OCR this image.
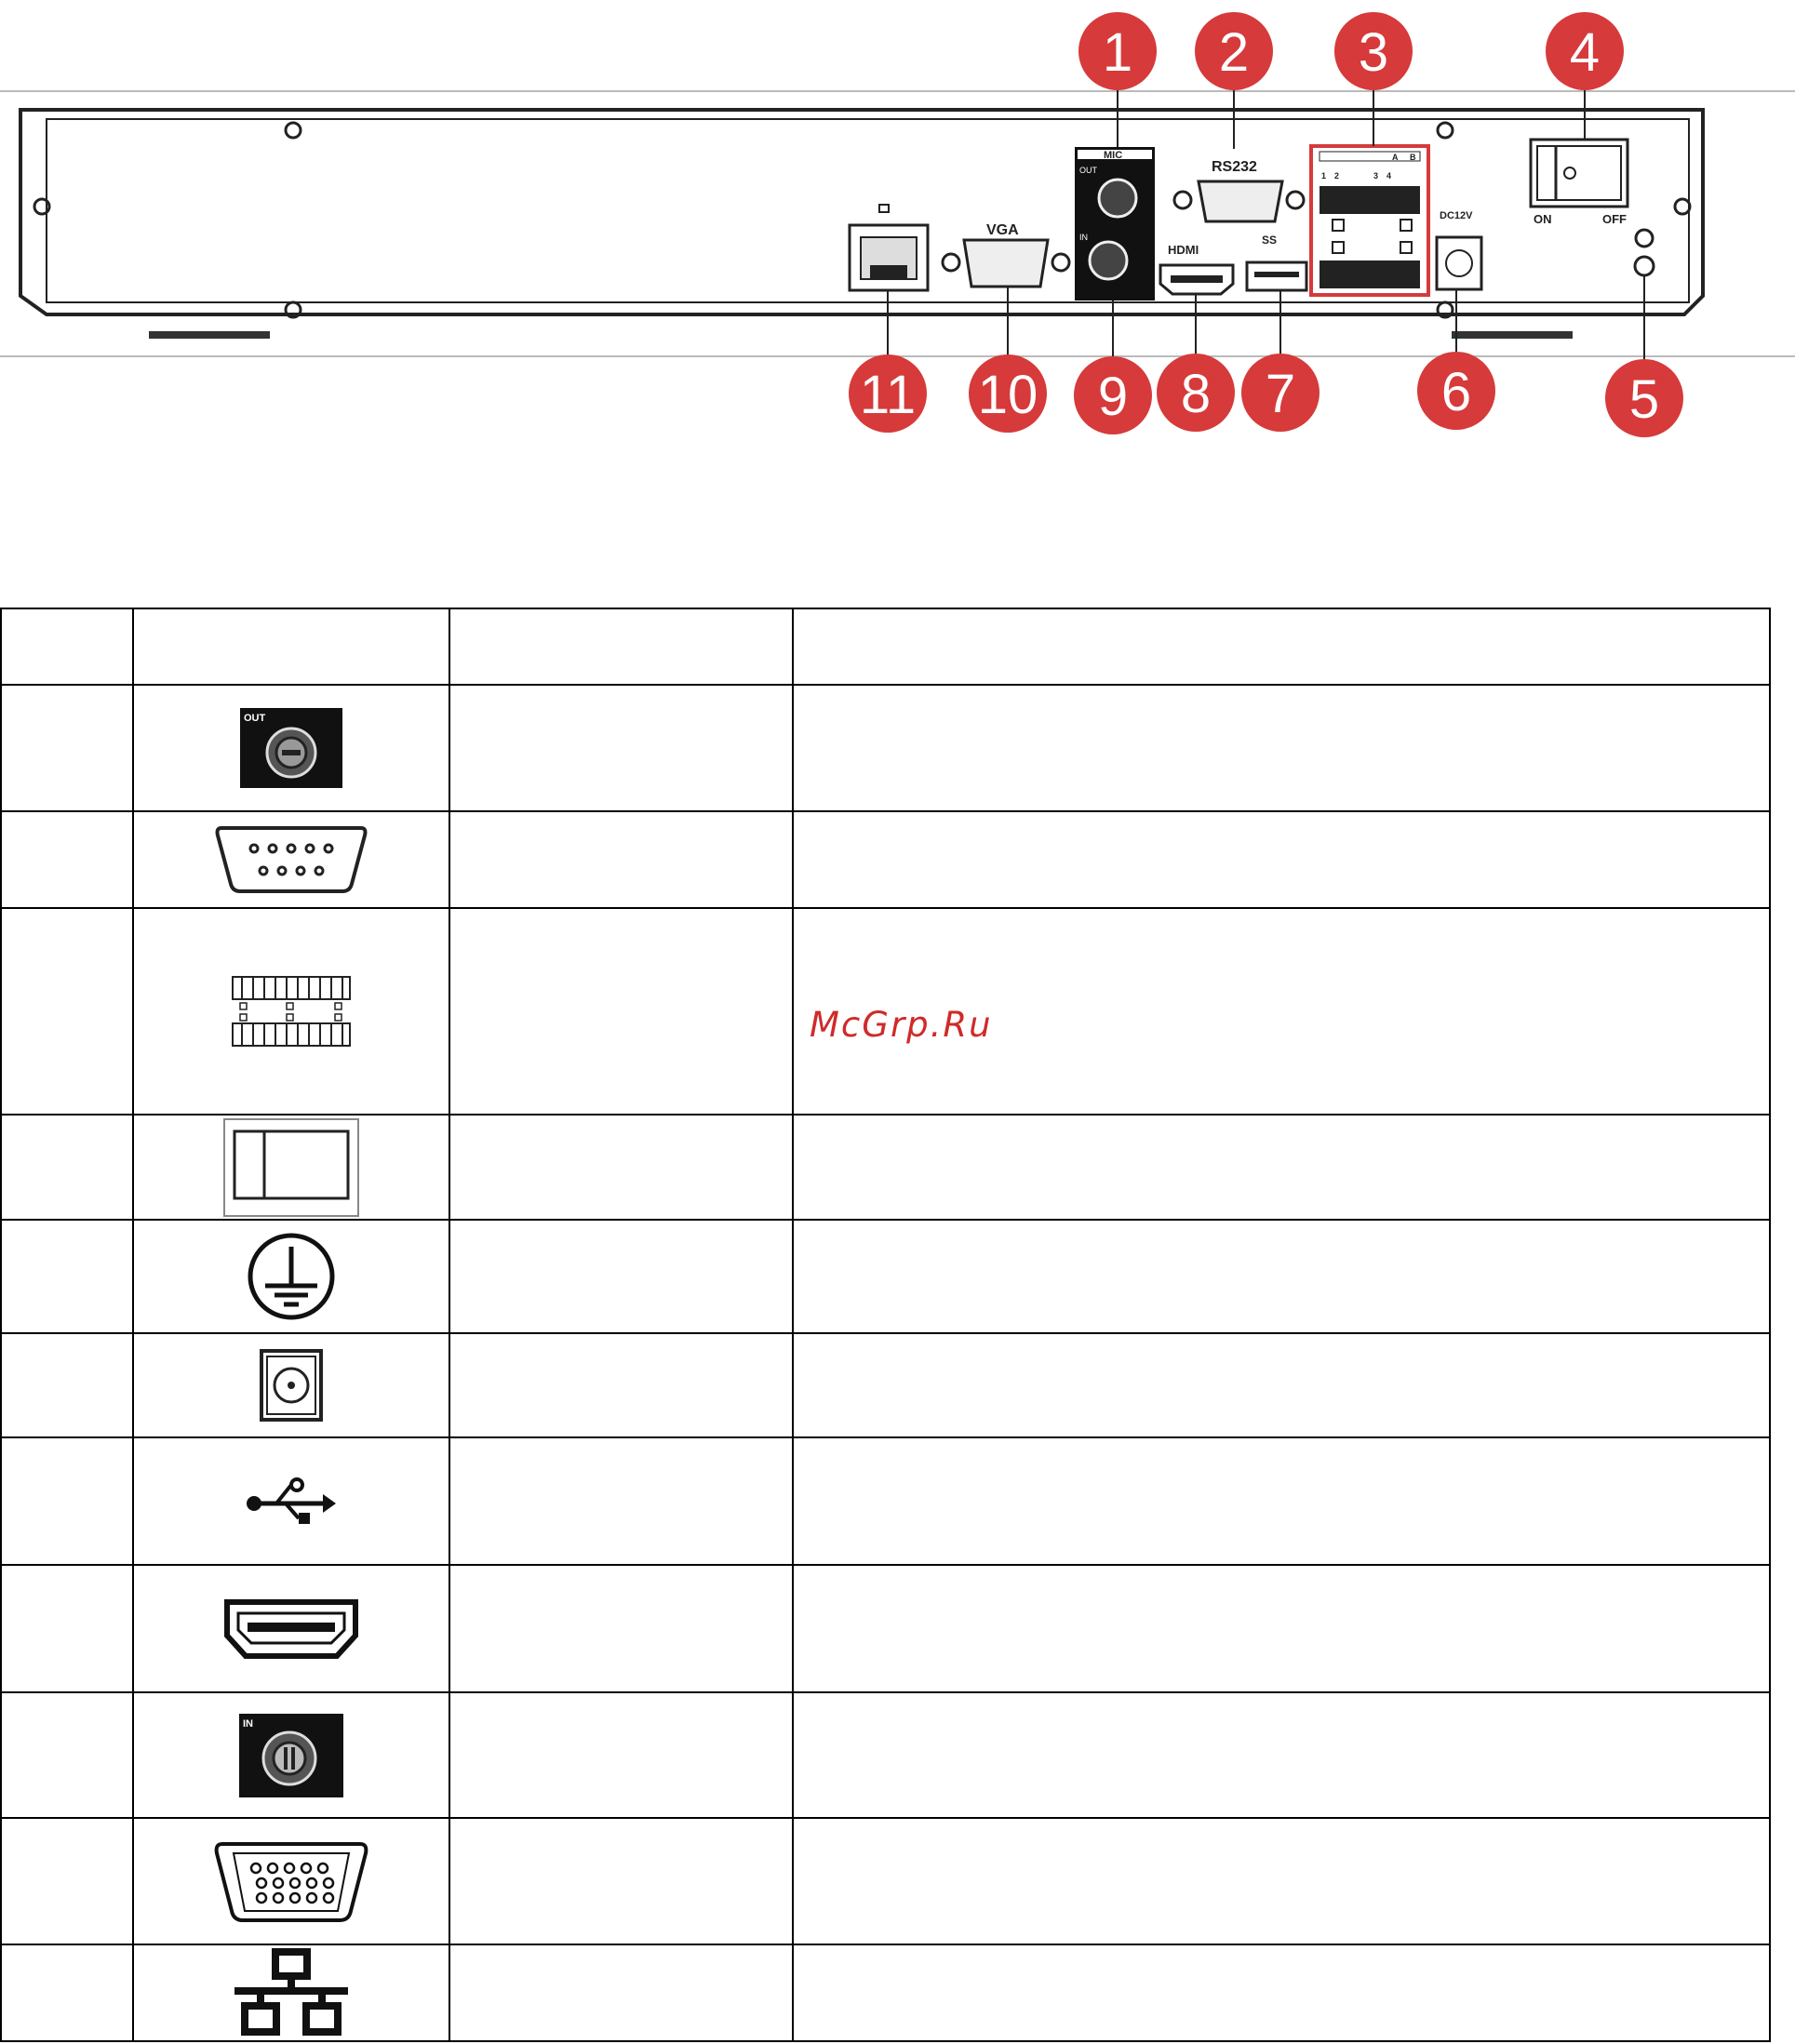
VGA
MIC
OUT
IN
RS232
HDMI
SS
1 2	3 4
A B
DC12V	ON	OFF
1 2 3	4
5
6
7
8
9
10
11

OUT		

IN		

McGrp.Ru
